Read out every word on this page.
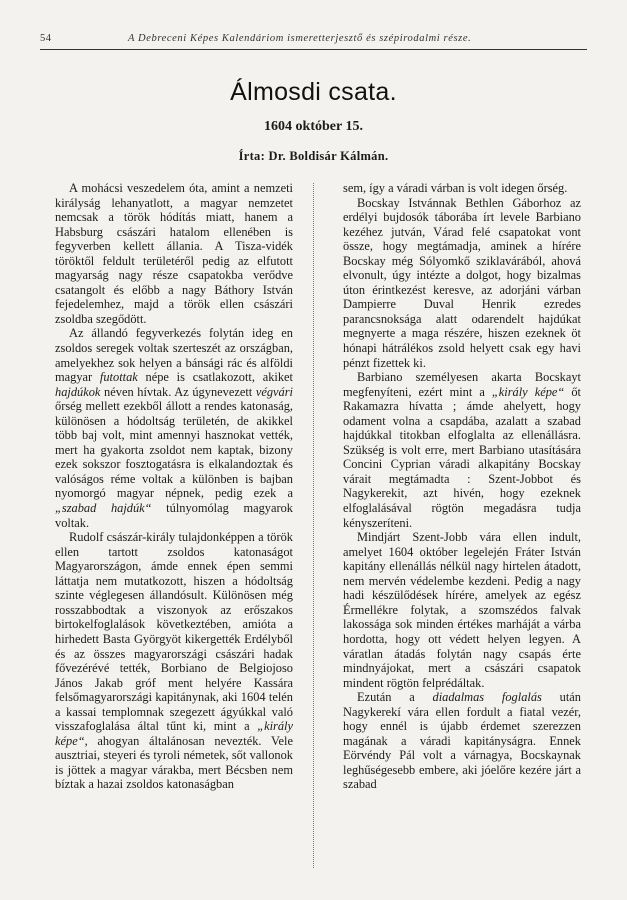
54	A Debreceni Képes Kalendáriom ismeretterjesztő és szépirodalmi része.
Álmosdi csata.
1604 október 15.
Írta: Dr. Boldisár Kálmán.

A mohácsi veszedelem óta, amint a nemzeti királyság lehanyatlott, a magyar nemzetet nemcsak a török hódítás miatt, hanem a Habsburg császári hatalom ellenében is fegyverben kellett állania. A Tisza-vidék töröktől feldult területéről pedig az elfutott magyarság nagy része csapatokba verődve csatangolt és előbb a nagy Báthory István fejedelemhez, majd a török ellen császári zsoldba szegődött.

Az állandó fegyverkezés folytán ideg en zsoldos seregek voltak szerteszét az országban, amelyekhez sok helyen a bánsági rác és alföldi magyar futottak népe is csatlakozott, akiket hajdúkok néven hívtak. Az úgynevezett végvári őrség mellett ezekből állott a rendes katonaság, különösen a hódoltság területén, de akikkel több baj volt, mint amennyi hasznokat vették, mert ha gyakorta zsoldot nem kaptak, bizony ezek sokszor fosztogatásra is elkalandoztak és valóságos réme voltak a különben is bajban nyomorgó magyar népnek, pedig ezek a „szabad hajdúk“ túlnyomólag magyarok voltak.

Rudolf császár-király tulajdonképpen a török ellen tartott zsoldos katonaságot Magyarországon, ámde ennek épen semmi láttatja nem mutatkozott, hiszen a hódoltság szinte véglegesen állandósult. Különösen még rosszabbodtak a viszonyok az erőszakos birtokelfoglalások következtében, amióta a hirhedett Basta Györgyöt kikergették Erdélyből és az összes magyarországi császári hadak fővezérévé tették, Borbiano de Belgiojoso János Jakab gróf ment helyére Kassára felsőmagyarországi kapitánynak, aki 1604 telén a kassai templomnak szegezett ágyúkkal való visszafoglalása által tűnt ki, mint a „király képe“, ahogyan általánosan nevezték. Vele ausztriai, steyeri és tyroli németek, sőt vallonok is jöttek a magyar várakba, mert Bécsben nem bíztak a hazai zsoldos katonaságban

sem, így a váradi várban is volt idegen őrség.

Bocskay Istvánnak Bethlen Gáborhoz az erdélyi bujdosók táborába írt levele Barbiano kezéhez jutván, Várad felé csapatokat vont össze, hogy megtámadja, aminek a hírére Bocskay még Sólyomkő sziklavárából, ahová elvonult, úgy intézte a dolgot, hogy bizalmas úton érintkezést keresve, az adorjáni várban Dampierre Duval Henrik ezredes parancsnoksága alatt odarendelt hajdúkat megnyerte a maga részére, hiszen ezeknek öt hónapi hátrálékos zsold helyett csak egy havi pénzt fizettek ki.

Barbiano személyesen akarta Bocskayt megfenyíteni, ezért mint a „király képe“ őt Rakamazra hívatta ; ámde ahelyett, hogy odament volna a csapdába, azalatt a szabad hajdúkkal titokban elfoglalta az ellenállásra. Szükség is volt erre, mert Barbiano utasítására Concini Cyprian váradi alkapitány Bocskay várait megtámadta : Szent-Jobbot és Nagykerekit, azt hivén, hogy ezeknek elfoglalásával rögtön megadásra tudja kényszeríteni.

Mindjárt Szent-Jobb vára ellen indult, amelyet 1604 október legelején Fráter István kapitány ellenállás nélkül nagy hirtelen átadott, nem mervén védelembe kezdeni. Pedig a nagy hadi készülődések hírére, amelyek az egész Érmellékre folytak, a szomszédos falvak lakossága sok minden értékes marháját a várba hordotta, hogy ott védett helyen legyen. A váratlan átadás folytán nagy csapás érte mindnyájokat, mert a császári csapatok mindent rögtön felprédáltak.

Ezután a diadalmas foglalás után Nagykerekí vára ellen fordult a fiatal vezér, hogy ennél is újabb érdemet szerezzen magának a váradi kapitányságra. Ennek Eörvéndy Pál volt a várnagya, Bocskaynak leghűségesebb embere, aki jóelőre kezére járt a szabad
